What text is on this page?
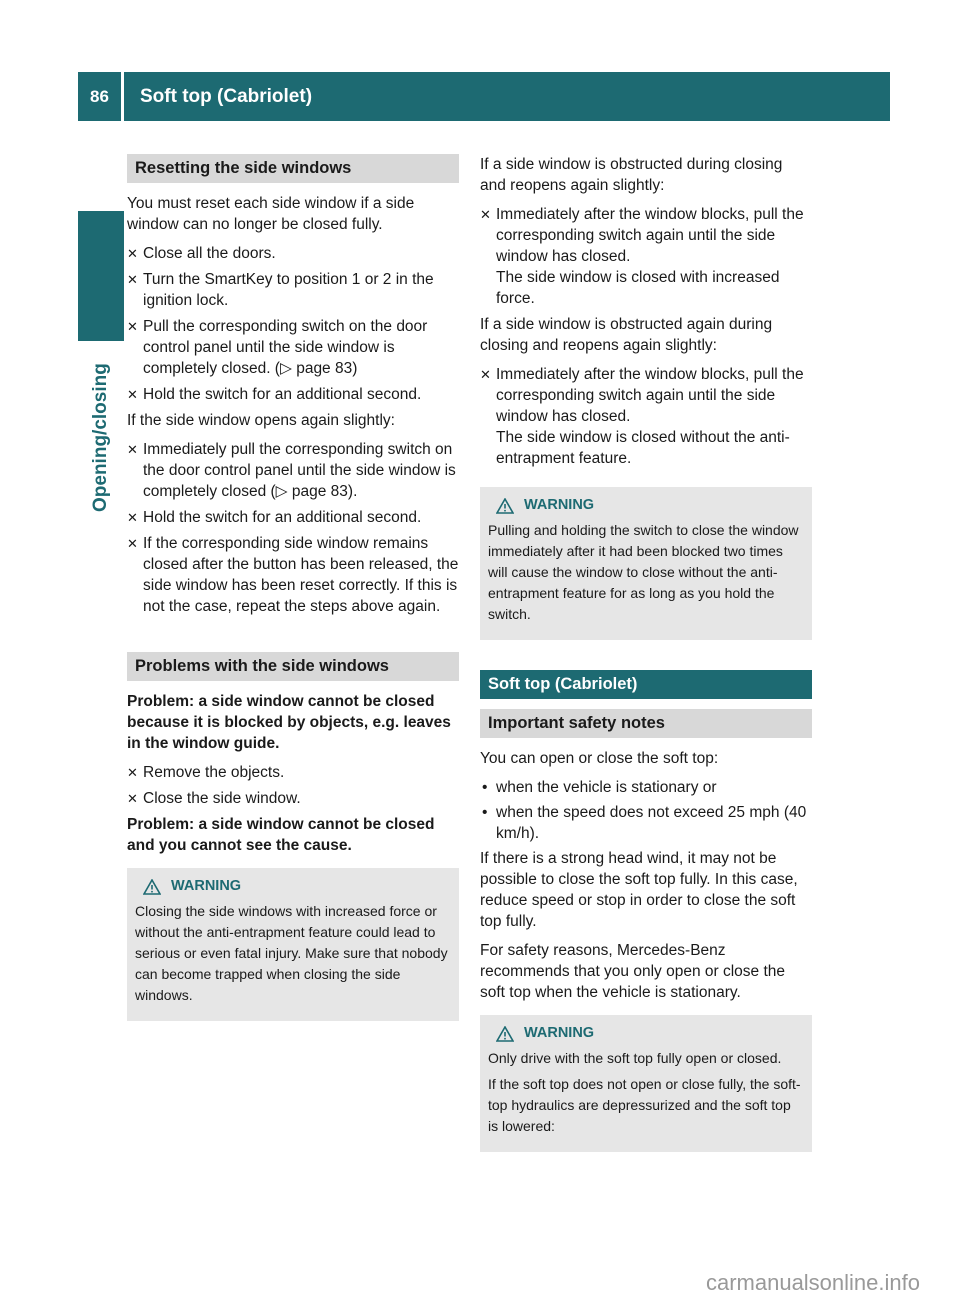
86	Soft top (Cabriolet)
Opening/closing
Resetting the side windows

You must reset each side window if a side window can no longer be closed fully.

✕ Close all the doors.
✕ Turn the SmartKey to position 1 or 2 in the ignition lock.
✕ Pull the corresponding switch on the door control panel until the side window is completely closed. (▷ page 83)
✕ Hold the switch for an additional second.

If the side window opens again slightly:

✕ Immediately pull the corresponding switch on the door control panel until the side window is completely closed (▷ page 83).
✕ Hold the switch for an additional second.
✕ If the corresponding side window remains closed after the button has been released, the side window has been reset correctly. If this is not the case, repeat the steps above again.
Problems with the side windows

Problem: a side window cannot be closed because it is blocked by objects, e.g. leaves in the window guide.

✕ Remove the objects.
✕ Close the side window.

Problem: a side window cannot be closed and you cannot see the cause.

WARNING

Closing the side windows with increased force or without the anti-entrapment feature could lead to serious or even fatal injury. Make sure that nobody can become trapped when closing the side windows.

If a side window is obstructed during closing and reopens again slightly:

✕ Immediately after the window blocks, pull the corresponding switch again until the side window has closed.
The side window is closed with increased force.

If a side window is obstructed again during closing and reopens again slightly:

✕ Immediately after the window blocks, pull the corresponding switch again until the side window has closed.
The side window is closed without the anti-entrapment feature.
WARNING

Pulling and holding the switch to close the window immediately after it had been blocked two times will cause the window to close without the anti-entrapment feature for as long as you hold the switch.

Soft top (Cabriolet)
Important safety notes

You can open or close the soft top:

• when the vehicle is stationary or
• when the speed does not exceed 25 mph (40 km/h).

If there is a strong head wind, it may not be possible to close the soft top fully. In this case, reduce speed or stop in order to close the soft top fully.

For safety reasons, Mercedes-Benz recommends that you only open or close the soft top when the vehicle is stationary.

WARNING

Only drive with the soft top fully open or closed.

If the soft top does not open or close fully, the soft-top hydraulics are depressurized and the soft top is lowered:

carmanualsonline.info
